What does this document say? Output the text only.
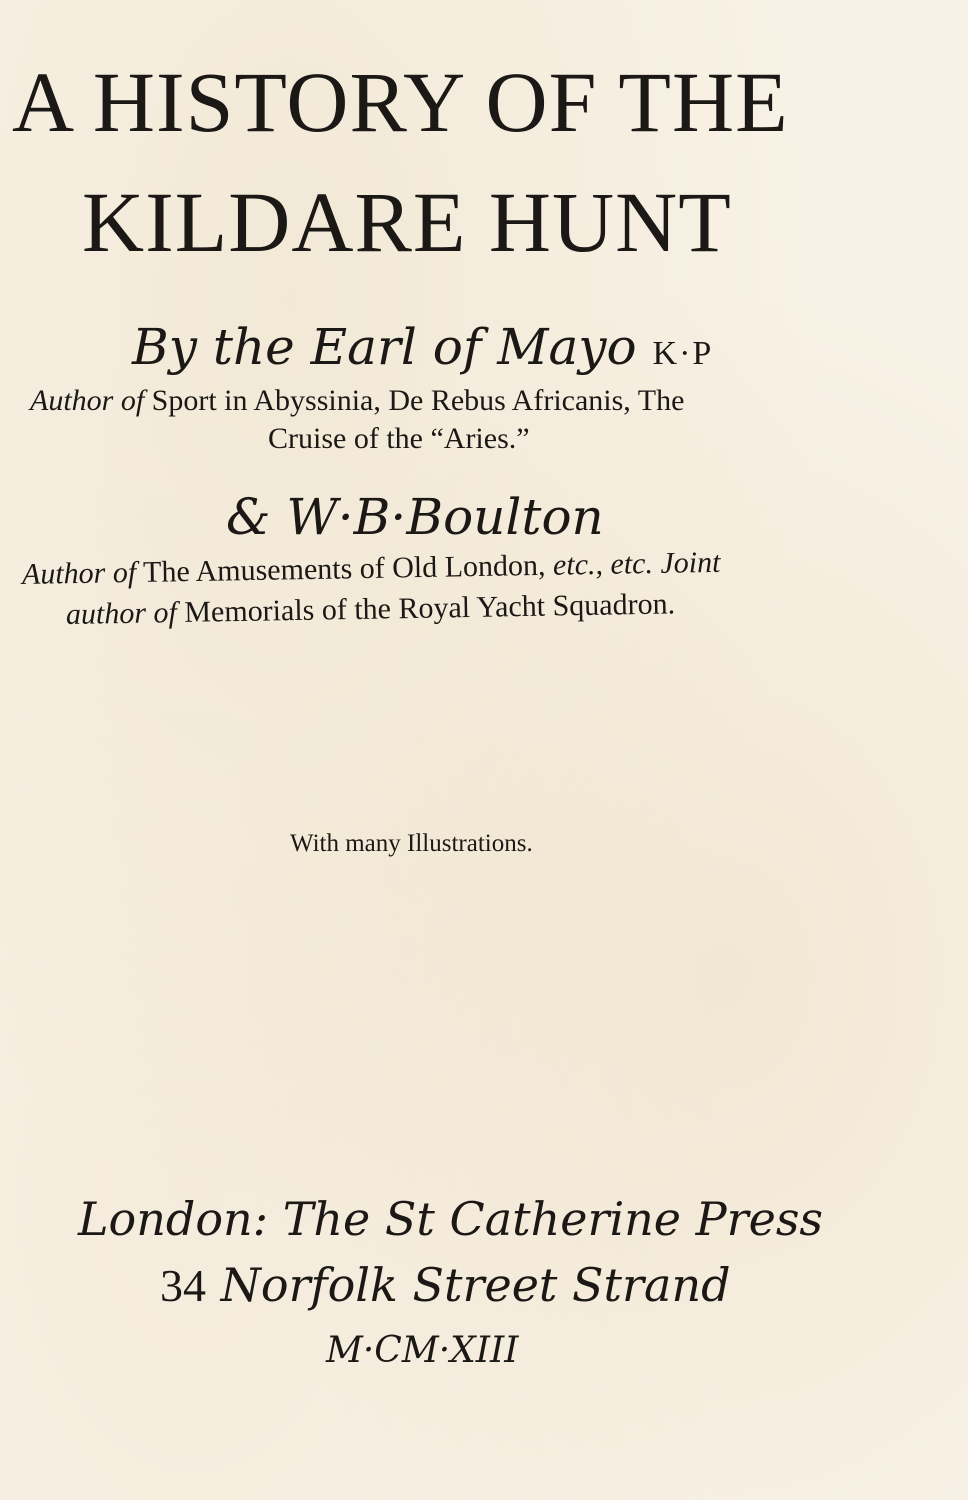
A HISTORY OF THE
KILDARE HUNT
By the Earl of Mayo K·P
Author of Sport in Abyssinia, De Rebus Africanis, The
Cruise of the “Aries.”
& W·B·Boulton
Author of The Amusements of Old London, etc., etc. Joint
author of Memorials of the Royal Yacht Squadron.
With many Illustrations.
London: The St Catherine Press
34 Norfolk Street Strand
M·CM·XIII
